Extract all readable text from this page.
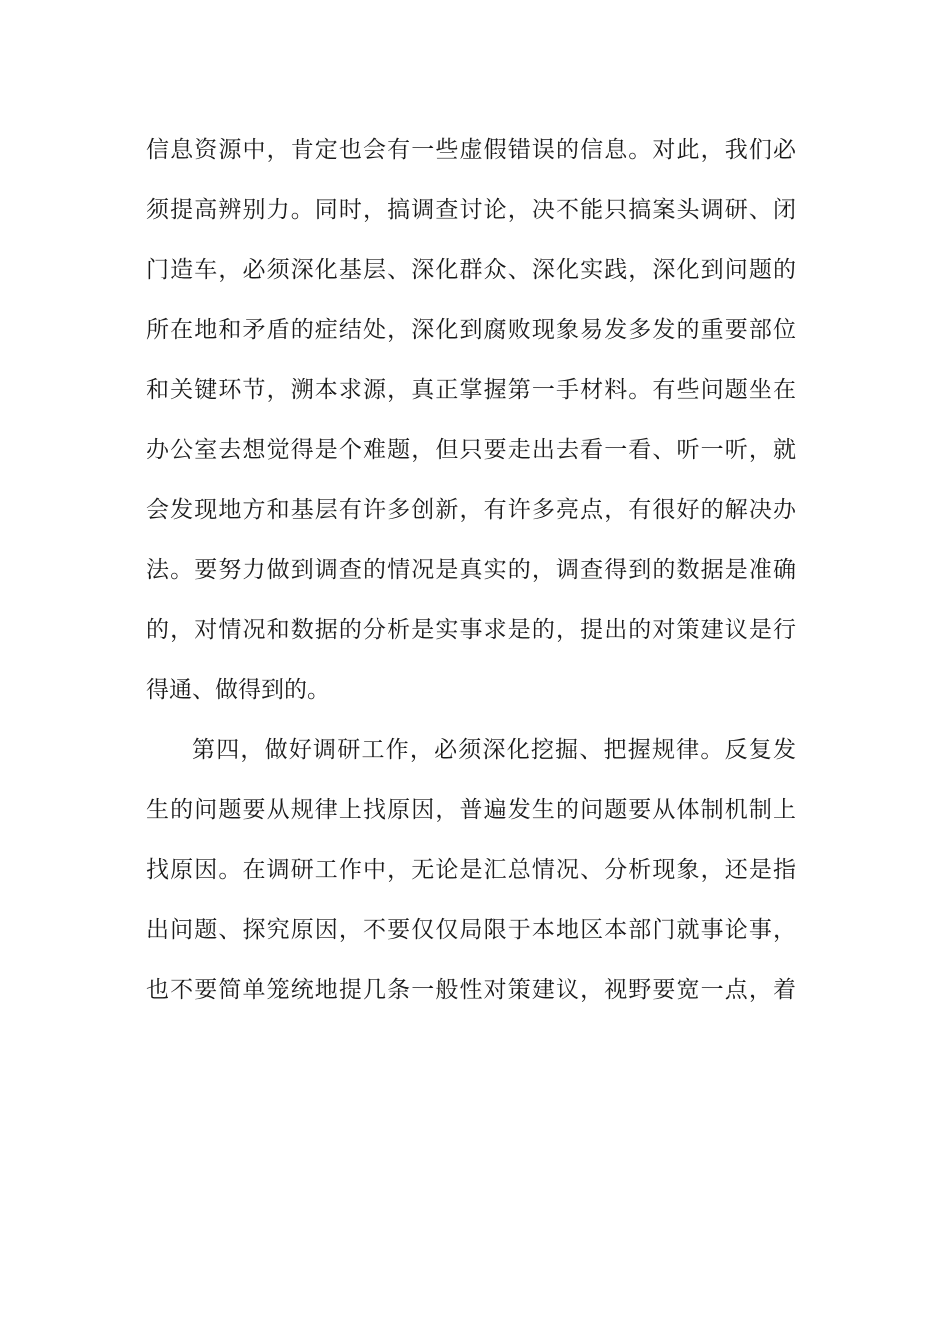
信息资源中，肯定也会有一些虚假错误的信息。对此，我们必
须提高辨别力。同时，搞调查讨论，决不能只搞案头调研、闭
门造车，必须深化基层、深化群众、深化实践，深化到问题的
所在地和矛盾的症结处，深化到腐败现象易发多发的重要部位
和关键环节，溯本求源，真正掌握第一手材料。有些问题坐在
办公室去想觉得是个难题，但只要走出去看一看、听一听，就
会发现地方和基层有许多创新，有许多亮点，有很好的解决办
法。要努力做到调查的情况是真实的，调查得到的数据是准确
的，对情况和数据的分析是实事求是的，提出的对策建议是行
得通、做得到的。
第四，做好调研工作，必须深化挖掘、把握规律。反复发
生的问题要从规律上找原因，普遍发生的问题要从体制机制上
找原因。在调研工作中，无论是汇总情况、分析现象，还是指
出问题、探究原因，不要仅仅局限于本地区本部门就事论事，
也不要简单笼统地提几条一般性对策建议，视野要宽一点，着
